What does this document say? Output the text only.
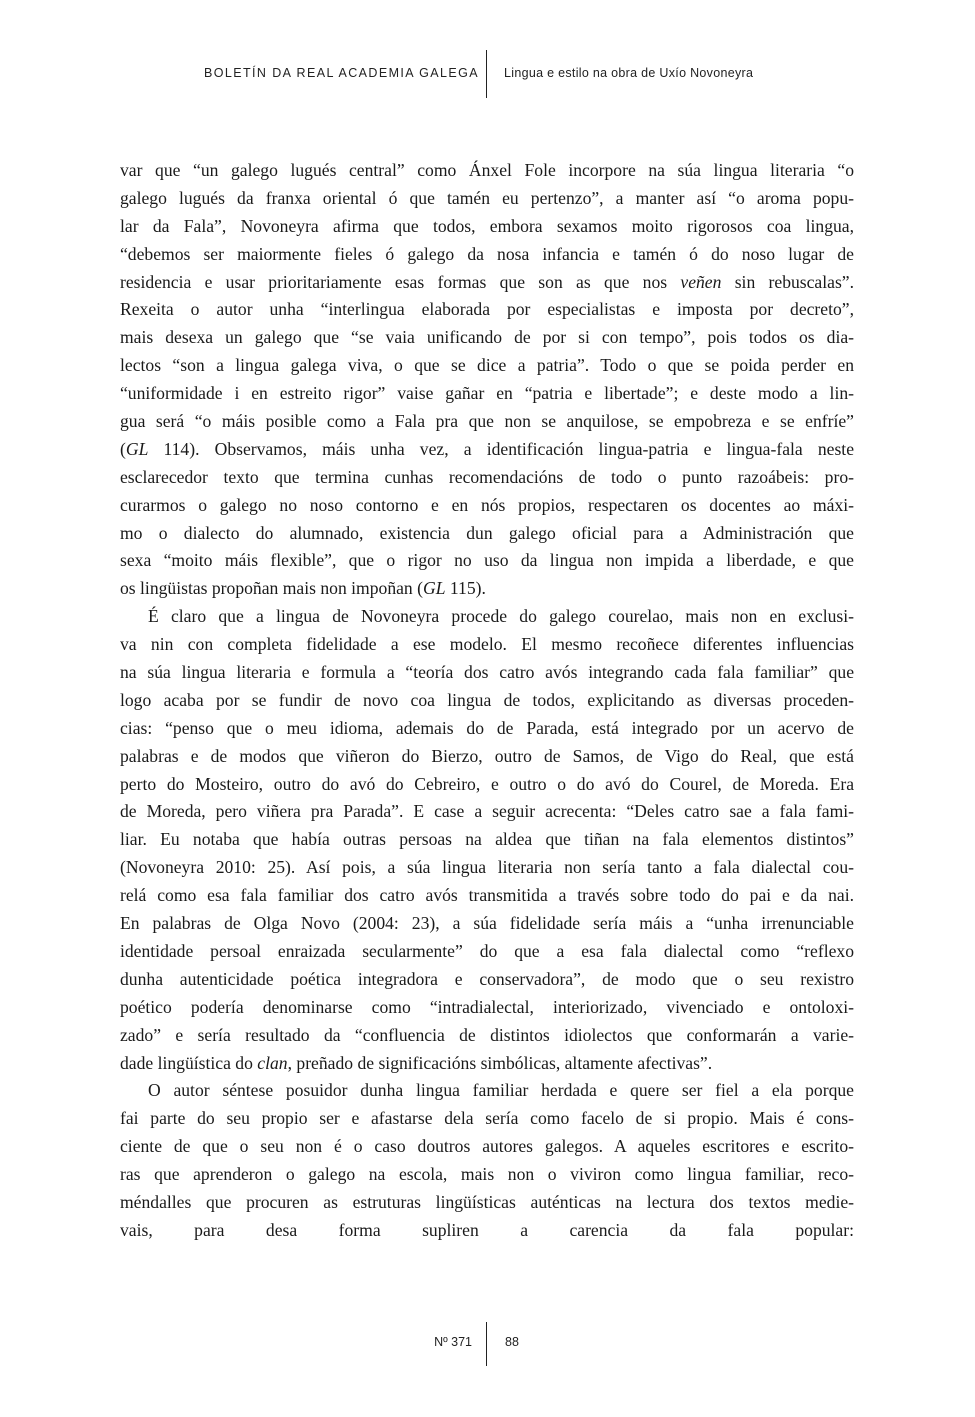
BOLETÍN DA REAL ACADEMIA GALEGA Lingua e estilo na obra de Uxío Novoneyra
var que “un galego lugués central” como Ánxel Fole incorpore na súa lingua literaria “o
galego lugués da franxa oriental ó que tamén eu pertenzo”, a manter así “o aroma popu-
lar da Fala”, Novoneyra afirma que todos, embora sexamos moito rigorosos coa lingua,
“debemos ser maiormente fieles ó galego da nosa infancia e tamén ó do noso lugar de
residencia e usar prioritariamente esas formas que son as que nos veñen sin rebuscalas”.
Rexeita o autor unha “interlingua elaborada por especialistas e imposta por decreto”,
mais desexa un galego que “se vaia unificando de por si con tempo”, pois todos os dia-
lectos “son a lingua galega viva, o que se dice a patria”. Todo o que se poida perder en
“uniformidade i en estreito rigor” vaise gañar en “patria e libertade”; e deste modo a lin-
gua será “o máis posible como a Fala pra que non se anquilose, se empobreza e se enfríe”
(GL 114). Observamos, máis unha vez, a identificación lingua-patria e lingua-fala neste
esclarecedor texto que termina cunhas recomendacións de todo o punto razoábeis: pro-
curarmos o galego no noso contorno e en nós propios, respectaren os docentes ao máxi-
mo o dialecto do alumnado, existencia dun galego oficial para a Administración que
sexa “moito máis flexible”, que o rigor no uso da lingua non impida a liberdade, e que
os lingüistas propoñan mais non impoñan (GL 115).
É claro que a lingua de Novoneyra procede do galego courelao, mais non en exclusi-
va nin con completa fidelidade a ese modelo. El mesmo recoñece diferentes influencias
na súa lingua literaria e formula a “teoría dos catro avós integrando cada fala familiar” que
logo acaba por se fundir de novo coa lingua de todos, explicitando as diversas proceden-
cias: “penso que o meu idioma, ademais do de Parada, está integrado por un acervo de
palabras e de modos que viñeron do Bierzo, outro de Samos, de Vigo do Real, que está
perto do Mosteiro, outro do avó do Cebreiro, e outro o do avó do Courel, de Moreda. Era
de Moreda, pero viñera pra Parada”. E case a seguir acrecenta: “Deles catro sae a fala fami-
liar. Eu notaba que había outras persoas na aldea que tiñan na fala elementos distintos”
(Novoneyra 2010: 25). Así pois, a súa lingua literaria non sería tanto a fala dialectal cou-
relá como esa fala familiar dos catro avós transmitida a través sobre todo do pai e da nai.
En palabras de Olga Novo (2004: 23), a súa fidelidade sería máis a “unha irrenunciable
identidade persoal enraizada secularmente” do que a esa fala dialectal como “reflexo
dunha autenticidade poética integradora e conservadora”, de modo que o seu rexistro
poético podería denominarse como “intradialectal, interiorizado, vivenciado e ontoloxi-
zado” e sería resultado da “confluencia de distintos idiolectos que conformarán a varie-
dade lingüística do clan, preñado de significacións simbólicas, altamente afectivas”.
O autor séntese posuidor dunha lingua familiar herdada e quere ser fiel a ela porque
fai parte do seu propio ser e afastarse dela sería como facelo de si propio. Mais é cons-
ciente de que o seu non é o caso doutros autores galegos. A aqueles escritores e escrito-
ras que aprenderon o galego na escola, mais non o viviron como lingua familiar, reco-
méndalles que procuren as estruturas lingüísticas auténticas na lectura dos textos medie-
vais, para desa forma supliren a carencia da fala popular:
Nº 371	88
